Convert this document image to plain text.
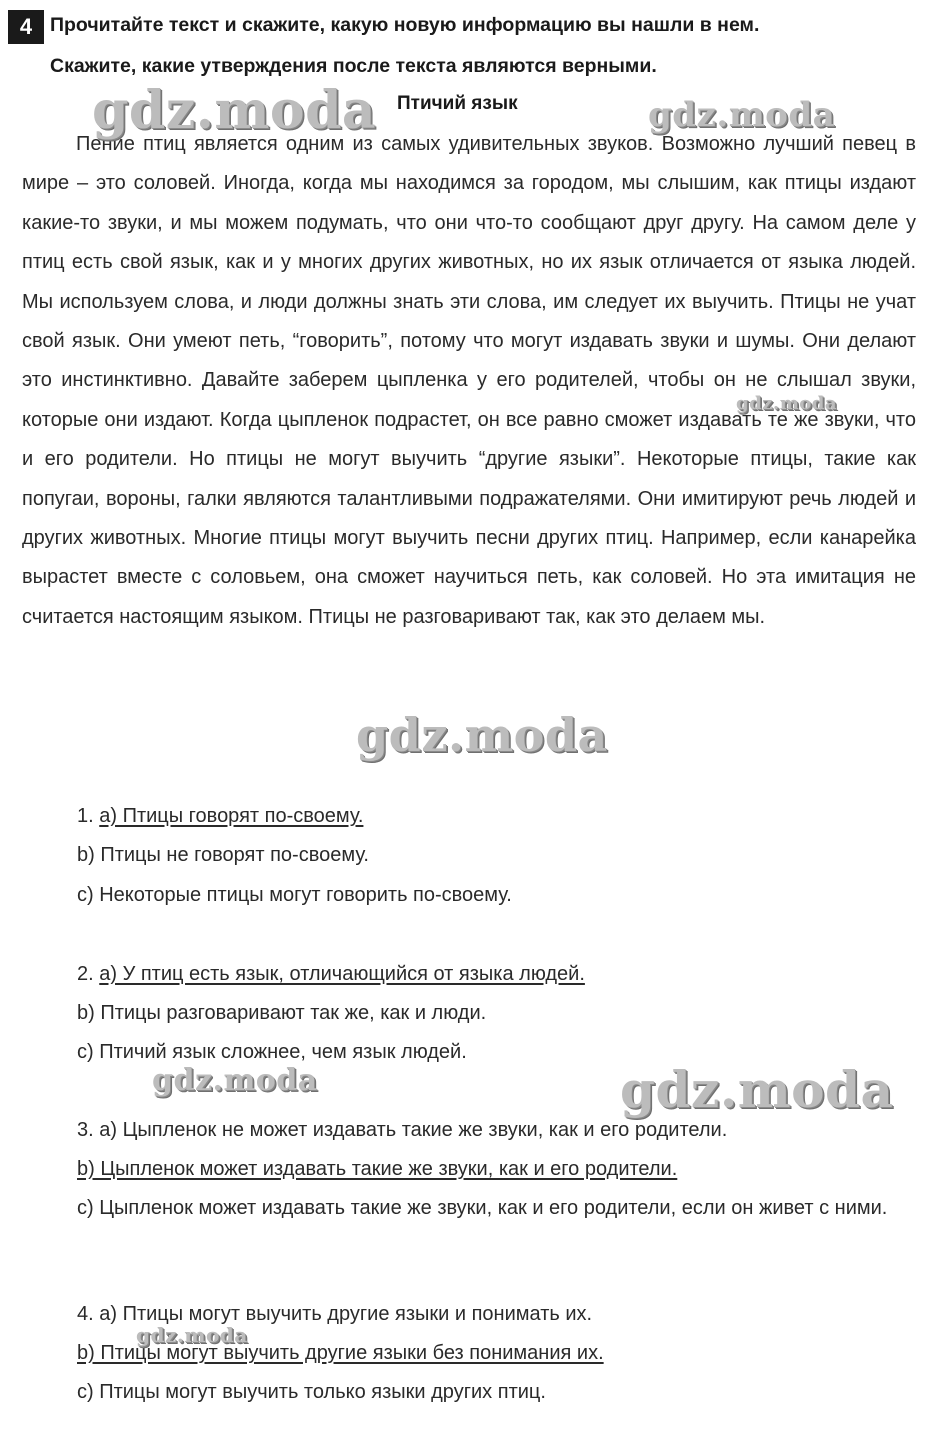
4 Прочитайте текст и скажите, какую новую информацию вы нашли в нем.
Скажите, какие утверждения после текста являются верными.
Птичий язык

Пение птиц является одним из самых удивительных звуков. Возможно лучший певец в мире – это соловей. Иногда, когда мы находимся за городом, мы слышим, как птицы издают какие-то звуки, и мы можем подумать, что они что-то сообщают друг другу. На самом деле у птиц есть свой язык, как и у многих других животных, но их язык отличается от языка людей. Мы используем слова, и люди должны знать эти слова, им следует их выучить. Птицы не учат свой язык. Они умеют петь, “говорить”, потому что могут издавать звуки и шумы. Они делают это инстинктивно. Давайте заберем цыпленка у его родителей, чтобы он не слышал звуки, которые они издают. Когда цыпленок подрастет, он все равно сможет издавать те же звуки, что и его родители. Но птицы не могут выучить “другие языки”. Некоторые птицы, такие как попугаи, вороны, галки являются талантливыми подражателями. Они имитируют речь людей и других животных. Многие птицы могут выучить песни других птиц. Например, если канарейка вырастет вместе с соловьем, она сможет научиться петь, как соловей. Но эта имитация не считается настоящим языком. Птицы не разговаривают так, как это делаем мы.

1. а) Птицы говорят по-своему.
b) Птицы не говорят по-своему.
c) Некоторые птицы могут говорить по-своему.
2. а) У птиц есть язык, отличающийся от языка людей.
b) Птицы разговаривают так же, как и люди.
c) Птичий язык сложнее, чем язык людей.
3. а) Цыпленок не может издавать такие же звуки, как и его родители.
b) Цыпленок может издавать такие же звуки, как и его родители.
c) Цыпленок может издавать такие же звуки, как и его родители, если он живет с ними.
4. а) Птицы могут выучить другие языки и понимать их.
b) Птицы могут выучить другие языки без понимания их.
c) Птицы могут выучить только языки других птиц.
gdz.moda	gdz.moda
gdz.moda
gdz.moda
gdz.moda	gdz.moda
gdz.moda
